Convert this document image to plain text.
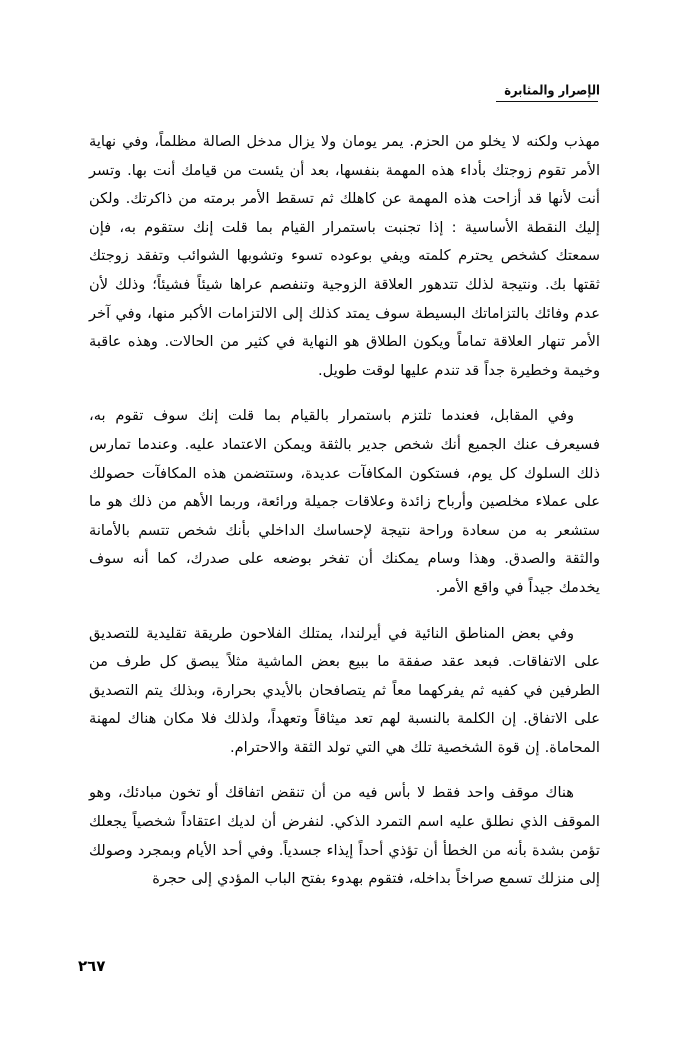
الإصرار والمثابرة

مهذب ولكنه لا يخلو من الحزم. يمر يومان ولا يزال مدخل الصالة مظلماً، وفي نهاية الأمر تقوم زوجتك بأداء هذه المهمة بنفسها، بعد أن يئست من قيامك أنت بها. وتسر أنت لأنها قد أزاحت هذه المهمة عن كاهلك ثم تسقط الأمر برمته من ذاكرتك. ولكن إليك النقطة الأساسية : إذا تجنبت باستمرار القيام بما قلت إنك ستقوم به، فإن سمعتك كشخص يحترم كلمته ويفي بوعوده تسوء وتشوبها الشوائب وتفقد زوجتك ثقتها بك. ونتيجة لذلك تتدهور العلاقة الزوجية وتنفصم عراها شيئاً فشيئاً؛ وذلك لأن عدم وفائك بالتزاماتك البسيطة سوف يمتد كذلك إلى الالتزامات الأكبر منها، وفي آخر الأمر تنهار العلاقة تماماً ويكون الطلاق هو النهاية في كثير من الحالات. وهذه عاقبة وخيمة وخطيرة جداً قد تندم عليها لوقت طويل.

وفي المقابل، فعندما تلتزم باستمرار بالقيام بما قلت إنك سوف تقوم به، فسيعرف عنك الجميع أنك شخص جدير بالثقة ويمكن الاعتماد عليه. وعندما تمارس ذلك السلوك كل يوم، فستكون المكافآت عديدة، وستتضمن هذه المكافآت حصولك على عملاء مخلصين وأرباح زائدة وعلاقات جميلة ورائعة، وربما الأهم من ذلك هو ما ستشعر به من سعادة وراحة نتيجة لإحساسك الداخلي بأنك شخص تتسم بالأمانة والثقة والصدق. وهذا وسام يمكنك أن تفخر بوضعه على صدرك، كما أنه سوف يخدمك جيداً في واقع الأمر.

وفي بعض المناطق النائية في أيرلندا، يمتلك الفلاحون طريقة تقليدية للتصديق على الاتفاقات. فبعد عقد صفقة ما ببيع بعض الماشية مثلاً يبصق كل طرف من الطرفين في كفيه ثم يفركهما معاً ثم يتصافحان بالأيدي بحرارة، وبذلك يتم التصديق على الاتفاق. إن الكلمة بالنسبة لهم تعد ميثاقاً وتعهداً، ولذلك فلا مكان هناك لمهنة المحاماة. إن قوة الشخصية تلك هي التي تولد الثقة والاحترام.

هناك موقف واحد فقط لا بأس فيه من أن تنقض اتفاقك أو تخون مبادئك، وهو الموقف الذي نطلق عليه اسم التمرد الذكي. لنفرض أن لديك اعتقاداً شخصياً يجعلك تؤمن بشدة بأنه من الخطأ أن تؤذي أحداً إيذاء جسدياً. وفي أحد الأيام وبمجرد وصولك إلى منزلك تسمع صراخاً بداخله، فتقوم بهدوء بفتح الباب المؤدي إلى حجرة

٢٦٧
